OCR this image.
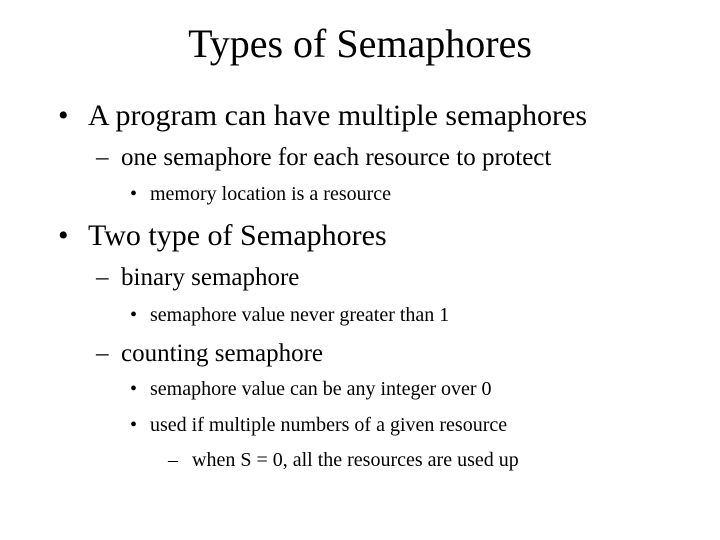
Types of Semaphores
• A program can have multiple semaphores
– one semaphore for each resource to protect
• memory location is a resource
• Two type of Semaphores
– binary semaphore
• semaphore value never greater than 1
– counting semaphore
• semaphore value can be any integer over 0
• used if multiple numbers of a given resource
– when S = 0, all the resources are used up
